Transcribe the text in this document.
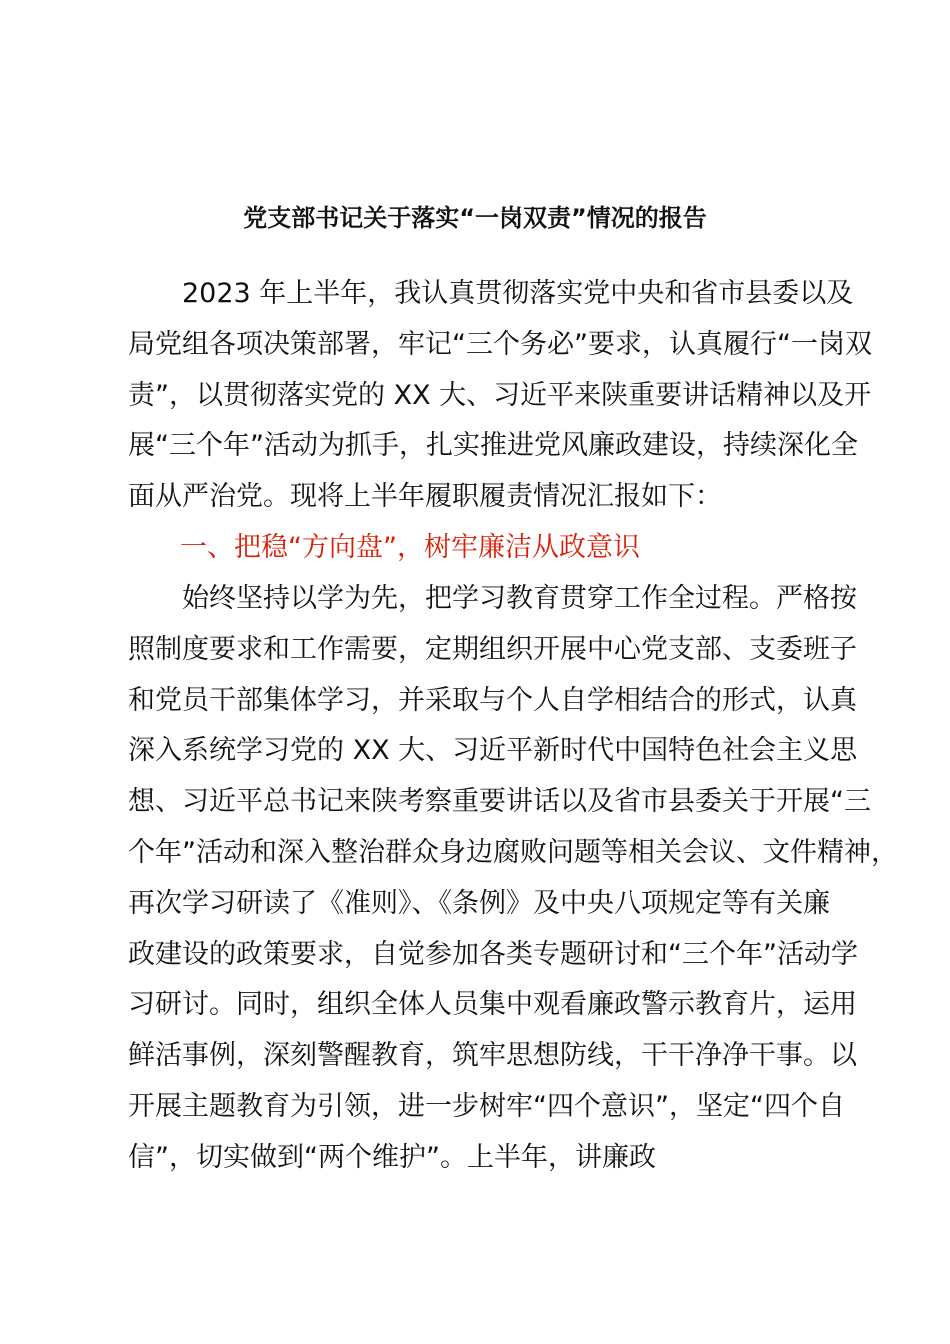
党支部书记关于落实“一岗双责”情况的报告
2023 年上半年，我认真贯彻落实党中央和省市县委以及
局党组各项决策部署，牢记“三个务必”要求，认真履行“一岗双
责”，以贯彻落实党的 XX 大、习近平来陕重要讲话精神以及开
展“三个年”活动为抓手，扎实推进党风廉政建设，持续深化全
面从严治党。现将上半年履职履责情况汇报如下：
一、把稳“方向盘”，树牢廉洁从政意识
始终坚持以学为先，把学习教育贯穿工作全过程。严格按
照制度要求和工作需要，定期组织开展中心党支部、支委班子
和党员干部集体学习，并采取与个人自学相结合的形式，认真
深入系统学习党的 XX 大、习近平新时代中国特色社会主义思
想、习近平总书记来陕考察重要讲话以及省市县委关于开展“三
个年”活动和深入整治群众身边腐败问题等相关会议、文件精神，
再次学习研读了《准则》、《条例》及中央八项规定等有关廉
政建设的政策要求，自觉参加各类专题研讨和“三个年”活动学
习研讨。同时，组织全体人员集中观看廉政警示教育片，运用
鲜活事例，深刻警醒教育，筑牢思想防线，干干净净干事。以
开展主题教育为引领，进一步树牢“四个意识”，坚定“四个自
信”，切实做到“两个维护”。上半年，讲廉政
